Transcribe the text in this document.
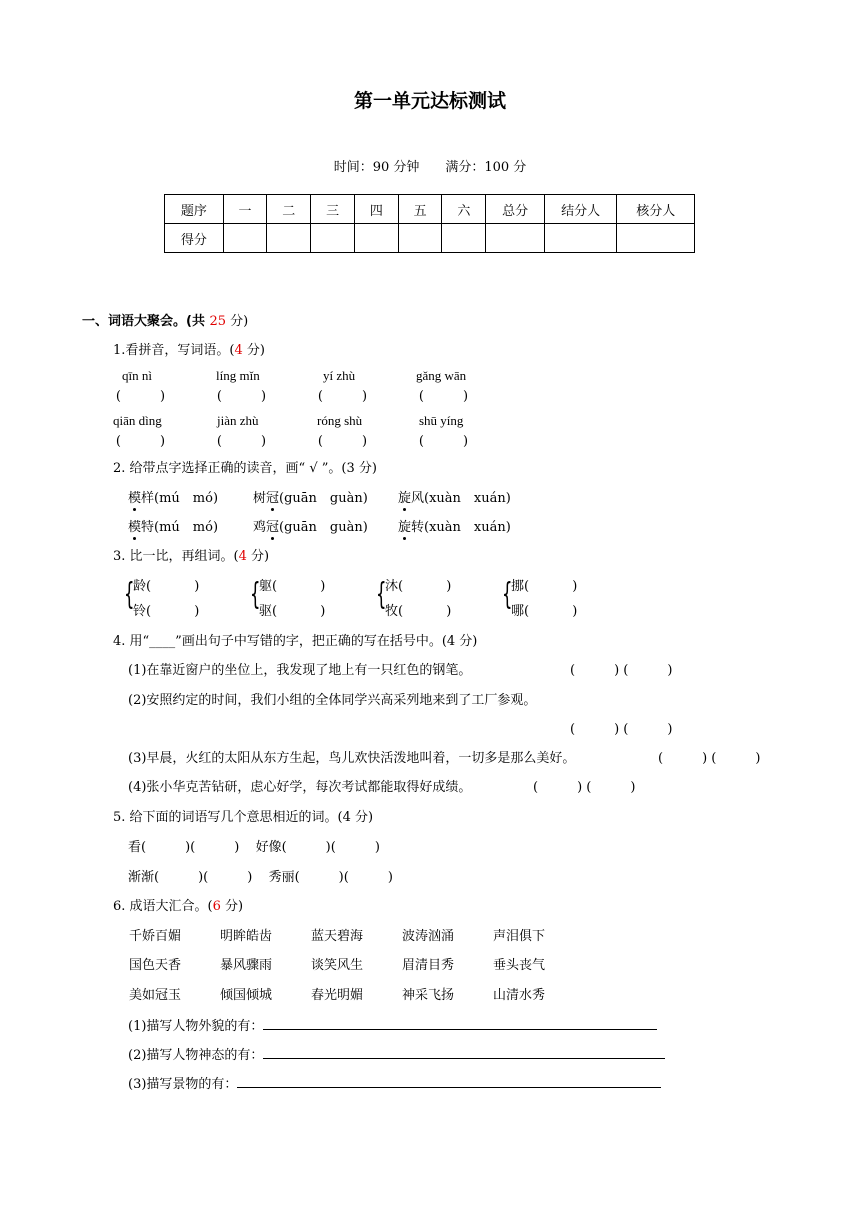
第一单元达标测试
时间：90 分钟　　满分：100 分
题序	一	二	三	四	五	六	总分	结分人	核分人
得分									
一、词语大聚会。(共 25 分)
1.看拼音，写词语。(4 分)
qīn nì	líng mǐn	yí zhù	gǎng wān
(　　　)	(　　　)	(　　　)	(　　　)
qiān dìng	jiàn zhù	róng shù	shū yíng
(　　　)	(　　　)	(　　　)	(　　　)
2. 给带点字选择正确的读音，画“ √ ”。(3 分)
模样(mú　mó)	树冠(guān　guàn) 旋风(xuàn　xuán)
模特(mú　mó)	鸡冠(guān　guàn) 旋转(xuàn　xuán)
3. 比一比，再组词。(4 分)
{
龄(　　　 )
铃(　　　 ) {
躯(　　　 )
驱(　　　 ) {
沐(　　　 )
牧(　　　 ) {
挪(　　　 )
哪(　　　 )
4. 用“____”画出句子中写错的字，把正确的写在括号中。(4 分)
(1)在靠近窗户的坐位上，我发现了地上有一只红色的钢笔。	(　　　) (　　　)
(2)安照约定的时间，我们小组的全体同学兴高采列地来到了工厂参观。
(　　　) (　　　)
(3)早晨，火红的太阳从东方生起，鸟儿欢快活泼地叫着，一切多是那么美好。	(　　　) (　　　)
(4)张小华克苦钻研，虑心好学，每次考试都能取得好成绩。	(　　　) (　　　)
5. 给下面的词语写几个意思相近的词。(4 分)
看(　　　)(　　　) 好像(　　　)(　　　)
渐渐(　　　)(　　　) 秀丽(　　　)(　　　)
6. 成语大汇合。(6 分)
千娇百媚	明眸皓齿	蓝天碧海	波涛汹涌	声泪俱下
国色天香	暴风骤雨	谈笑风生	眉清目秀	垂头丧气
美如冠玉	倾国倾城	春光明媚	神采飞扬	山清水秀
(1)描写人物外貌的有：
(2)描写人物神态的有：
(3)描写景物的有：
